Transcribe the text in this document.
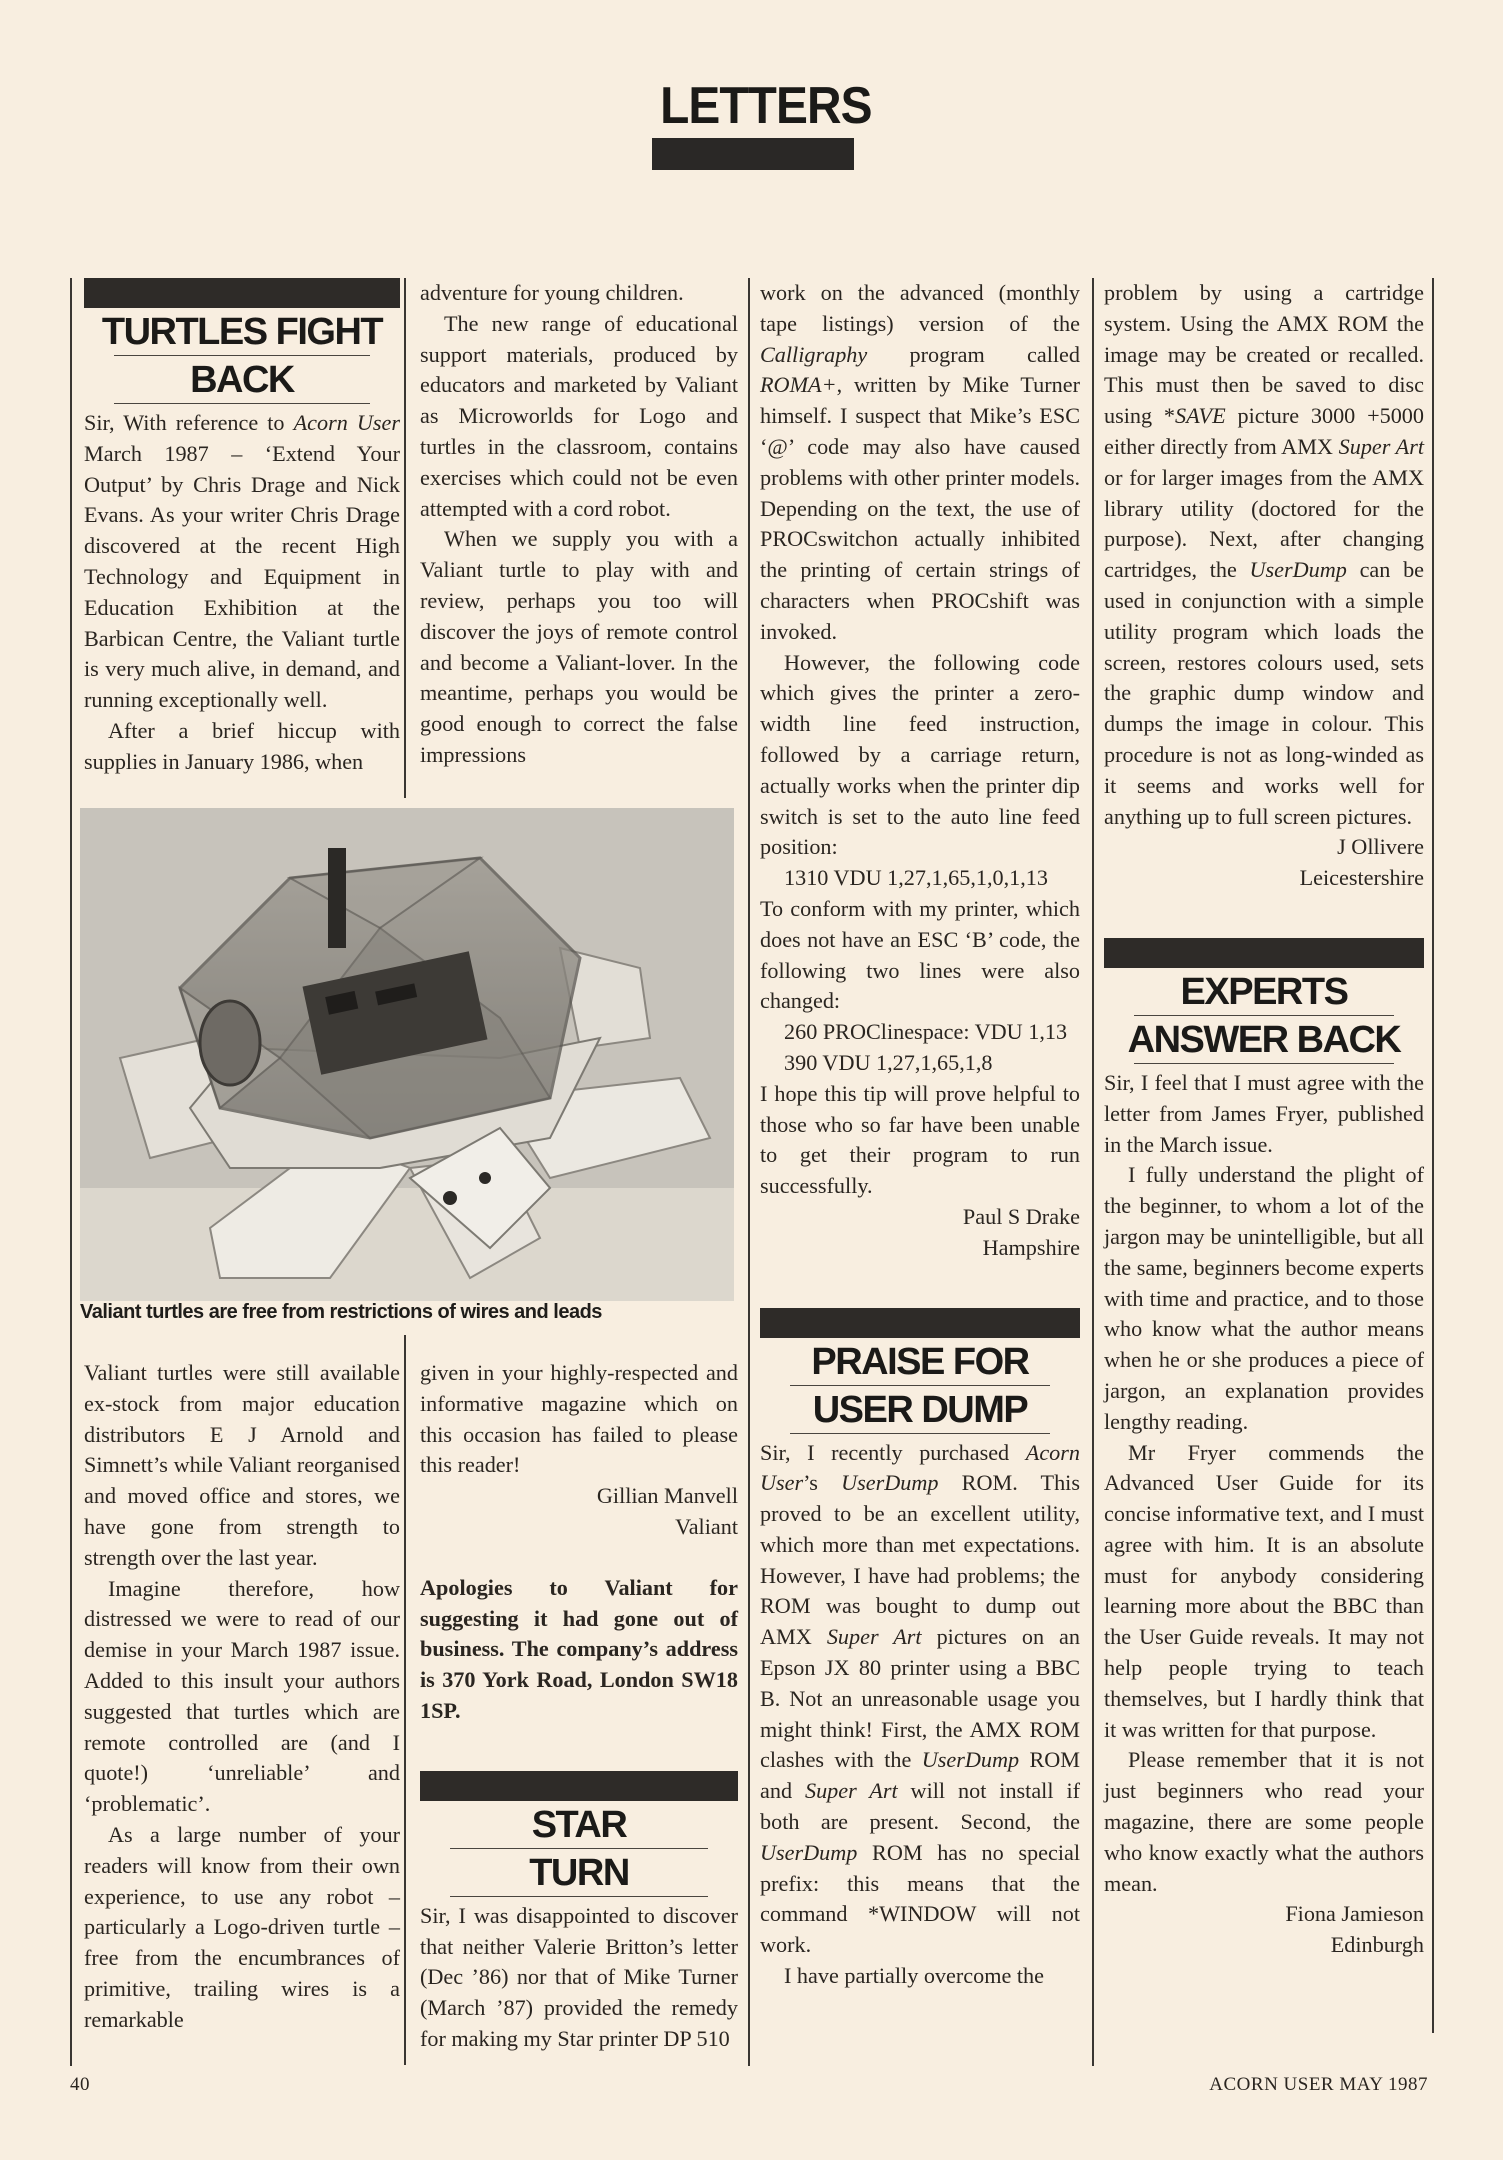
LETTERS
TURTLES FIGHT
BACK

Sir, With reference to Acorn User March 1987 – ‘Extend Your Output’ by Chris Drage and Nick Evans. As your writer Chris Drage discovered at the recent High Technology and Equipment in Education Exhibition at the Barbican Centre, the Valiant turtle is very much alive, in demand, and running exceptionally well.

After a brief hiccup with supplies in January 1986, when

adventure for young children.

The new range of educational support materials, produced by educators and marketed by Valiant as Microworlds for Logo and turtles in the classroom, contains exercises which could not be even attempted with a cord robot.

When we supply you with a Valiant turtle to play with and review, perhaps you too will discover the joys of remote control and become a Valiant-lover. In the meantime, perhaps you would be good enough to correct the false impressions

Valiant turtles are free from restrictions of wires and leads

Valiant turtles were still available ex-stock from major education distributors E J Arnold and Simnett’s while Valiant reorganised and moved office and stores, we have gone from strength to strength over the last year.

Imagine therefore, how distressed we were to read of our demise in your March 1987 issue. Added to this insult your authors suggested that turtles which are remote controlled are (and I quote!) ‘unreliable’ and ‘problematic’.

As a large number of your readers will know from their own experience, to use any robot – particularly a Logo-driven turtle – free from the encumbrances of primitive, trailing wires is a remarkable

given in your highly-respected and informative magazine which on this occasion has failed to please this reader!

Gillian Manvell
Valiant

Apologies to Valiant for suggesting it had gone out of business. The company’s address is 370 York Road, London SW18 1SP.

STAR
TURN

Sir, I was disappointed to discover that neither Valerie Britton’s letter (Dec ’86) nor that of Mike Turner (March ’87) provided the remedy for making my Star printer DP 510

work on the advanced (monthly tape listings) version of the Calligraphy program called ROMA+, written by Mike Turner himself. I suspect that Mike’s ESC ‘@’ code may also have caused problems with other printer models. Depending on the text, the use of PROCswitchon actually inhibited the printing of certain strings of characters when PROCshift was invoked.

However, the following code which gives the printer a zero-width line feed instruction, followed by a carriage return, actually works when the printer dip switch is set to the auto line feed position:

1310 VDU 1,27,1,65,1,0,1,13

To conform with my printer, which does not have an ESC ‘B’ code, the following two lines were also changed:

260 PROClinespace: VDU 1,13

390 VDU 1,27,1,65,1,8

I hope this tip will prove helpful to those who so far have been unable to get their program to run successfully.

Paul S Drake
Hampshire
PRAISE FOR
USER DUMP

Sir, I recently purchased Acorn User’s UserDump ROM. This proved to be an excellent utility, which more than met expectations. However, I have had problems; the ROM was bought to dump out AMX Super Art pictures on an Epson JX 80 printer using a BBC B. Not an unreasonable usage you might think! First, the AMX ROM clashes with the UserDump ROM and Super Art will not install if both are present. Second, the UserDump ROM has no special prefix: this means that the command *WINDOW will not work.

I have partially overcome the

problem by using a cartridge system. Using the AMX ROM the image may be created or recalled. This must then be saved to disc using *SAVE picture 3000 +5000 either directly from AMX Super Art or for larger images from the AMX library utility (doctored for the purpose). Next, after changing cartridges, the UserDump can be used in conjunction with a simple utility program which loads the screen, restores colours used, sets the graphic dump window and dumps the image in colour. This procedure is not as long-winded as it seems and works well for anything up to full screen pictures.

J Ollivere
Leicestershire
EXPERTS
ANSWER BACK

Sir, I feel that I must agree with the letter from James Fryer, published in the March issue.

I fully understand the plight of the beginner, to whom a lot of the jargon may be unintelligible, but all the same, beginners become experts with time and practice, and to those who know what the author means when he or she produces a piece of jargon, an explanation provides lengthy reading.

Mr Fryer commends the Advanced User Guide for its concise informative text, and I must agree with him. It is an absolute must for anybody considering learning more about the BBC than the User Guide reveals. It may not help people trying to teach themselves, but I hardly think that it was written for that purpose.

Please remember that it is not just beginners who read your magazine, there are some people who know exactly what the authors mean.

Fiona Jamieson
Edinburgh
40	ACORN USER MAY 1987
